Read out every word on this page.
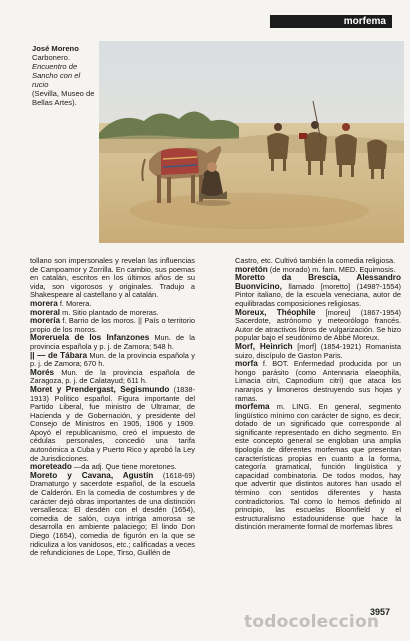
morfema
José Moreno
Carbonero.
Encuentro de Sancho con el rucio
(Sevilla, Museo de Bellas Artes).

tollano son impersonales y revelan las influencias de Campoamor y Zorrilla. En cambio, sus poemas en catalán, escritos en los últimos años de su vida, son vigorosos y originales. Tradujo a Shakespeare al castellano y al catalán.

morera f. Morera.

moreral m. Sitio plantado de moreras.

morería f. Barrio de los moros. || País o territorio propio de los moros.

Moreruela de los Infanzones Mun. de la provincia española y p. j. de Zamora; 548 h.

|| — de Tábara Mun. de la provincia española y p. j. de Zamora; 670 h.

Morés Mun. de la provincia española de Zaragoza, p. j. de Calatayud; 611 h.

Moret y Prendergast, Segismundo (1838-1913) Político español. Figura importante del Partido Liberal, fue ministro de Ultramar, de Hacienda y de Gobernación, y presidente del Consejo de Ministros en 1905, 1906 y 1909. Apoyó el republicanismo, creó el impuesto de cédulas personales, concedió una tarifa autonómica a Cuba y Puerto Rico y aprobó la Ley de Jurisdicciones.

moreteado —da adj. Que tiene moretones.

Moreto y Cavana, Agustín (1618-69) Dramaturgo y sacerdote español, de la escuela de Calderón. En la comedia de costumbres y de carácter dejó obras importantes de una distinción versallesca: El desdén con el desdén (1654), comedia de salón, cuya intriga amorosa se desarrolla en ambiente palaciego; El lindo Don Diego (1654), comedia de figurón en la que se ridiculiza a los vanidosos, etc.; calificadas a veces de refundiciones de Lope, Tirso, Guillén de

Castro, etc. Cultivó también la comedia religiosa.

moretón (de morado) m. fam. MED. Equimosis.

Moretto da Brescia, Alessandro Buonvicino, llamado [moretto] (1498?-1554) Pintor italiano, de la escuela veneciana, autor de equilibradas composiciones religiosas.

Moreux, Théophile [moreu] (1867-1954) Sacerdote, astrónomo y meteorólogo francés. Autor de atractivos libros de vulgarización. Se hizo popular bajo el seudónimo de Abbé Moreux.

Morf, Heinrich [morf] (1854-1921) Romanista suizo, discípulo de Gaston Paris.

morfa f. BOT. Enfermedad producida por un hongo parásito (como Antennaria elaeophila, Limacia citri, Capnodium citri) que ataca los naranjos y limoneros destruyendo sus hojas y ramas.

morfema m. LING. En general, segmento lingüístico mínimo con carácter de signo, es decir, dotado de un significado que corresponde al significante representado en dicho segmento. En este concepto general se engloban una amplia tipología de diferentes morfemas que presentan características propias en cuanto a la forma, categoría gramatical, función lingüística y capacidad combinatoria. De todos modos, hay que advertir que distintos autores han usado el término con sentidos diferentes y hasta contradictorios. Tal como lo hemos definido al principio, las escuelas Bloomfield y el estructuralismo estadounidense que hace la distinción meramente formal de morfemas libres

todocoleccion
3957
